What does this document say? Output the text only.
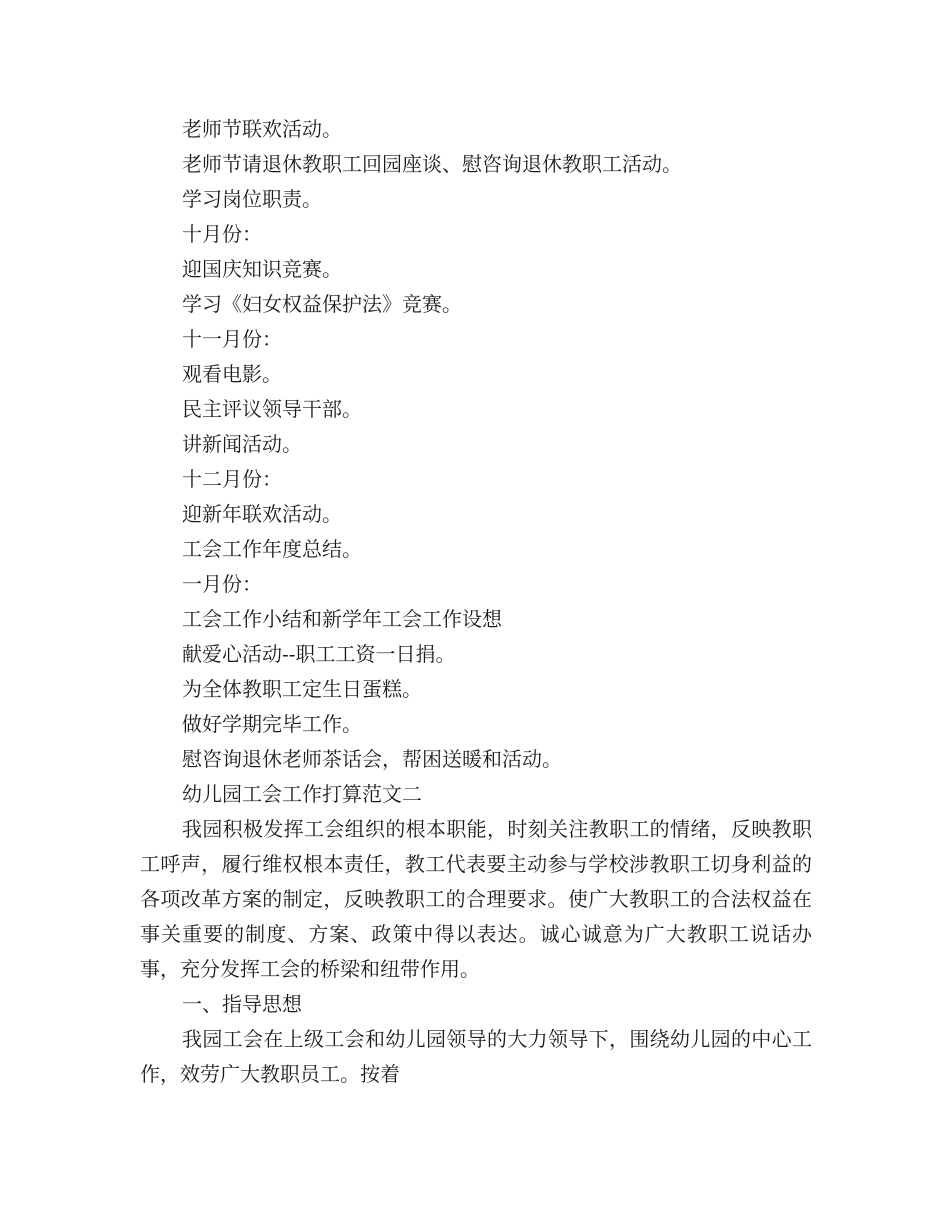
老师节联欢活动。

老师节请退休教职工回园座谈、慰咨询退休教职工活动。

学习岗位职责。

十月份：

迎国庆知识竞赛。

学习《妇女权益保护法》竞赛。

十一月份：

观看电影。

民主评议领导干部。

讲新闻活动。

十二月份：

迎新年联欢活动。

工会工作年度总结。

一月份：

工会工作小结和新学年工会工作设想

献爱心活动--职工工资一日捐。

为全体教职工定生日蛋糕。

做好学期完毕工作。

慰咨询退休老师茶话会，帮困送暖和活动。

幼儿园工会工作打算范文二

我园积极发挥工会组织的根本职能，时刻关注教职工的情绪，反映教职工呼声，履行维权根本责任，教工代表要主动参与学校涉教职工切身利益的各项改革方案的制定，反映教职工的合理要求。使广大教职工的合法权益在事关重要的制度、方案、政策中得以表达。诚心诚意为广大教职工说话办事，充分发挥工会的桥梁和纽带作用。

一、指导思想

我园工会在上级工会和幼儿园领导的大力领导下，围绕幼儿园的中心工作，效劳广大教职员工。按着
